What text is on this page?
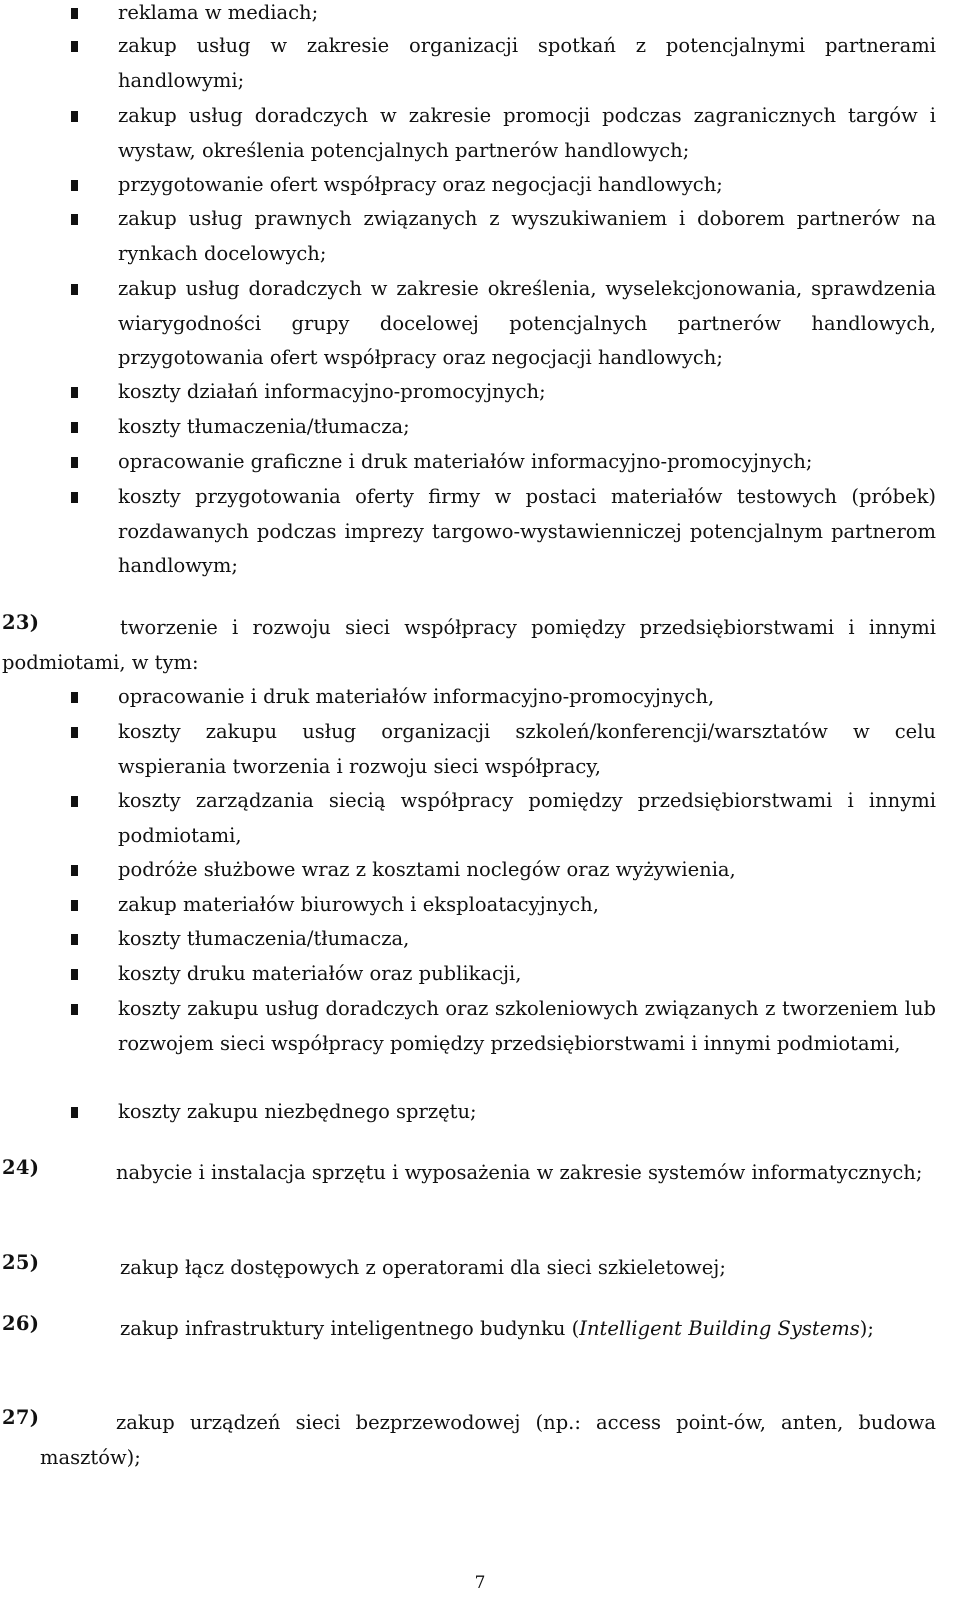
reklama w mediach;
zakup usług w zakresie organizacji spotkań z potencjalnymi partnerami handlowymi;
zakup usług doradczych w zakresie promocji podczas zagranicznych targów i wystaw, określenia potencjalnych partnerów handlowych;
przygotowanie ofert współpracy oraz negocjacji handlowych;
zakup usług prawnych związanych z wyszukiwaniem i doborem partnerów na rynkach docelowych;
zakup usług doradczych w zakresie określenia, wyselekcjonowania, sprawdzenia wiarygodności grupy docelowej potencjalnych partnerów handlowych, przygotowania ofert współpracy oraz negocjacji handlowych;
koszty działań informacyjno-promocyjnych;
koszty tłumaczenia/tłumacza;
opracowanie graficzne i druk materiałów informacyjno-promocyjnych;
koszty przygotowania oferty firmy w postaci materiałów testowych (próbek) rozdawanych podczas imprezy targowo-wystawienniczej potencjalnym partnerom handlowym;
23)	tworzenie i rozwoju sieci współpracy pomiędzy przedsiębiorstwami i innymi podmiotami, w tym:
opracowanie i druk materiałów informacyjno-promocyjnych,
koszty zakupu usług organizacji szkoleń/konferencji/warsztatów w celu wspierania tworzenia i rozwoju sieci współpracy,
koszty zarządzania siecią współpracy pomiędzy przedsiębiorstwami i innymi podmiotami,
podróże służbowe wraz z kosztami noclegów oraz wyżywienia,
zakup materiałów biurowych i eksploatacyjnych,
koszty tłumaczenia/tłumacza,
koszty druku materiałów oraz publikacji,
koszty zakupu usług doradczych oraz szkoleniowych związanych z tworzeniem lub rozwojem sieci współpracy pomiędzy przedsiębiorstwami i innymi podmiotami,
koszty zakupu niezbędnego sprzętu;
24)	nabycie i instalacja sprzętu i wyposażenia w zakresie systemów informatycznych;
25)	zakup łącz dostępowych z operatorami dla sieci szkieletowej;
26)	zakup infrastruktury inteligentnego budynku (Intelligent Building Systems);
27)	zakup urządzeń sieci bezprzewodowej (np.: access point-ów, anten, budowa masztów);
7
